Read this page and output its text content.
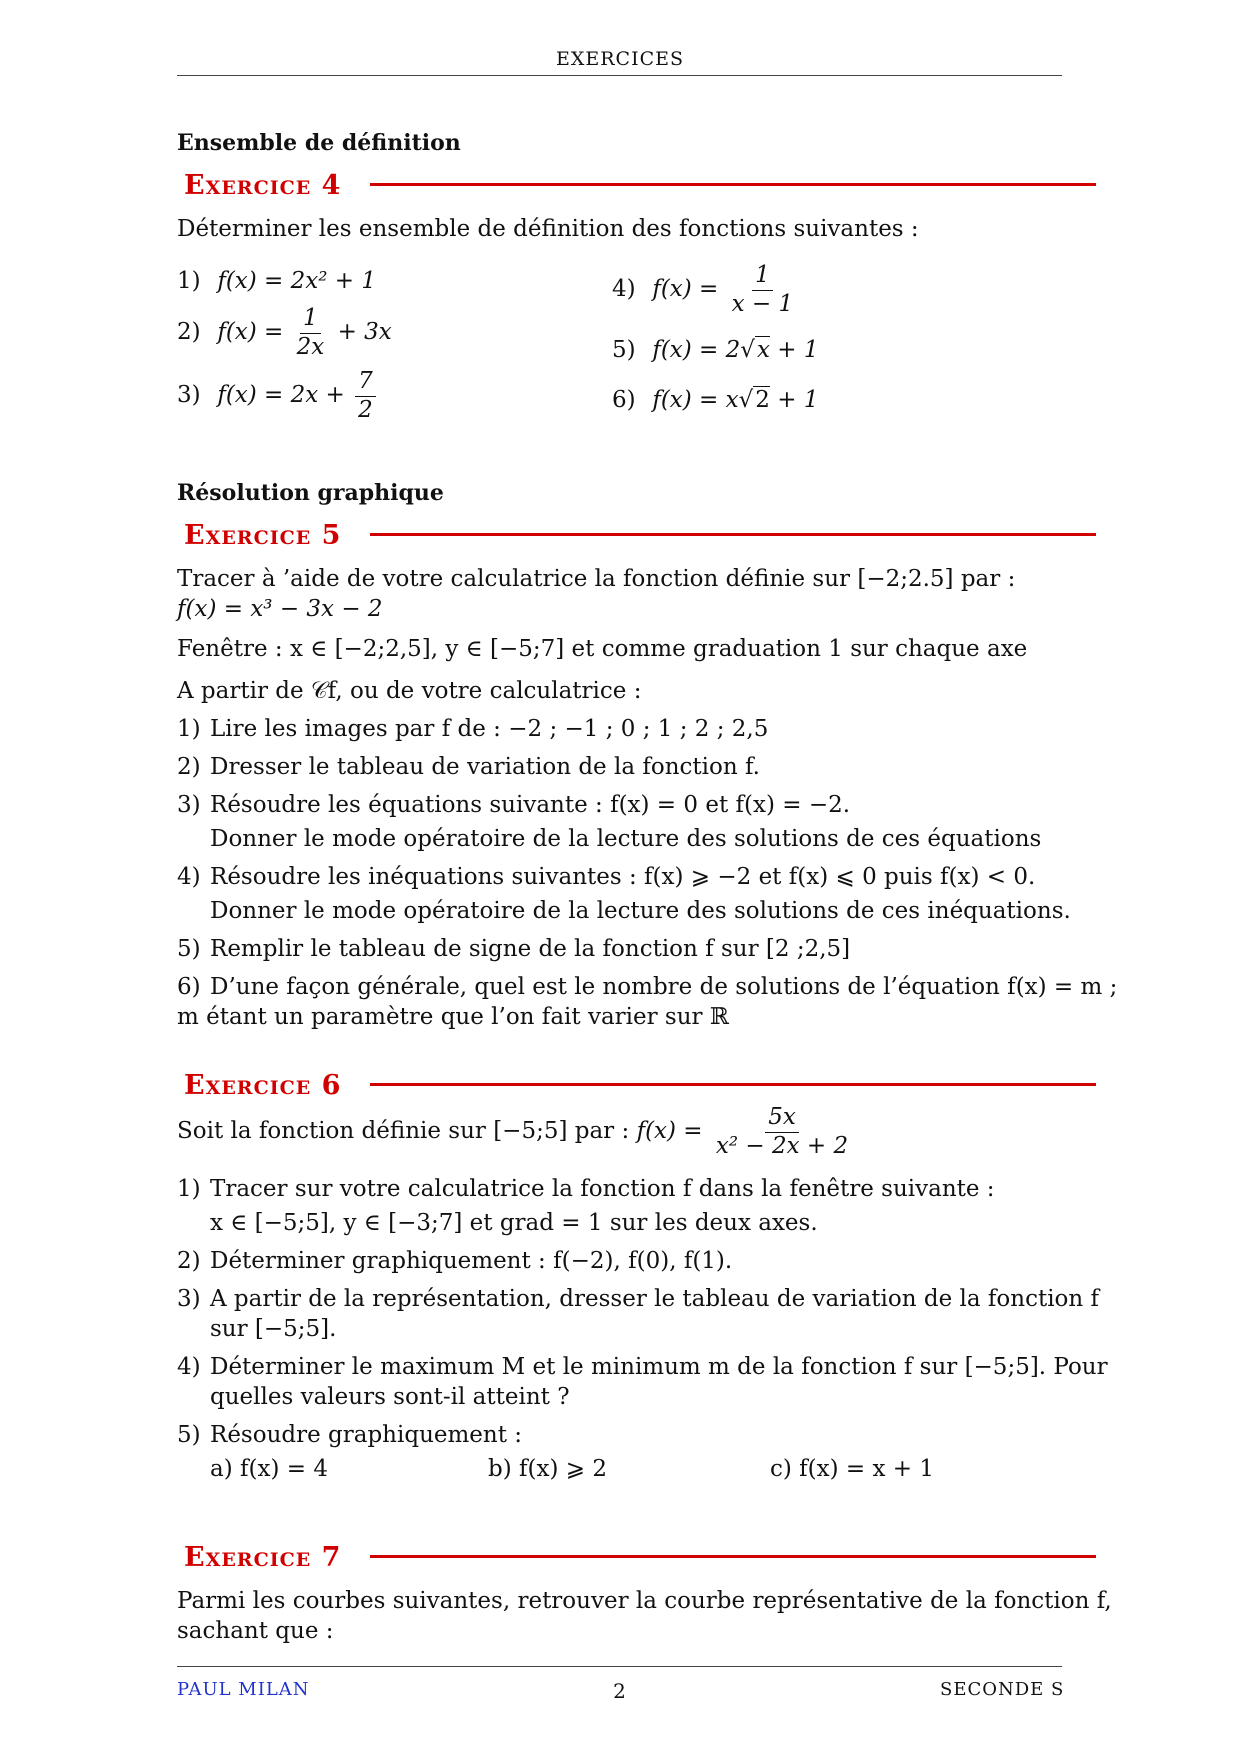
EXERCICES
Ensemble de définition
Exercice 4
Déterminer les ensemble de définition des fonctions suivantes :
1) f(x) = 2x² + 1
2) $f(x) = \frac{1}{2x} + 3x$
3) $f(x) = 2x + \frac{7}{2}$
4) $f(x) = \frac{1}{x - 1}$
5) f(x) = 2√x + 1
6) f(x) = x√2 + 1
Résolution graphique
Exercice 5
Tracer à ’aide de votre calculatrice la fonction définie sur [−2;2.5] par :
f(x) = x³ − 3x − 2
Fenêtre : x ∈ [−2;2,5], y ∈ [−5;7] et comme graduation 1 sur chaque axe
A partir de 𝒞f, ou de votre calculatrice :
1) Lire les images par f de : −2 ; −1 ; 0 ; 1 ; 2 ; 2,5
2) Dresser le tableau de variation de la fonction f.
3) Résoudre les équations suivante : f(x) = 0 et f(x) = −2.
Donner le mode opératoire de la lecture des solutions de ces équations
4) Résoudre les inéquations suivantes : f(x) ⩾ −2 et f(x) ⩽ 0 puis f(x) < 0.
Donner le mode opératoire de la lecture des solutions de ces inéquations.
5) Remplir le tableau de signe de la fonction f sur [2 ;2,5]
6) D’une façon générale, quel est le nombre de solutions de l’équation f(x) = m ;
m étant un paramètre que l’on fait varier sur ℝ
Exercice 6
Soit la fonction définie sur [−5;5] par : $f(x) = \frac{5x}{\text{x² − 2x + 2}}$
1) Tracer sur votre calculatrice la fonction f dans la fenêtre suivante :
x ∈ [−5;5], y ∈ [−3;7] et grad = 1 sur les deux axes.
2) Déterminer graphiquement : f(−2), f(0), f(1).
3) A partir de la représentation, dresser le tableau de variation de la fonction f
sur [−5;5].
4) Déterminer le maximum M et le minimum m de la fonction f sur [−5;5]. Pour
quelles valeurs sont-il atteint ?
5) Résoudre graphiquement :
a) f(x) = 4	b) f(x) ⩾ 2	c) f(x) = x + 1
Exercice 7
Parmi les courbes suivantes, retrouver la courbe représentative de la fonction f,
sachant que :
PAUL MILAN	2	SECONDE S
